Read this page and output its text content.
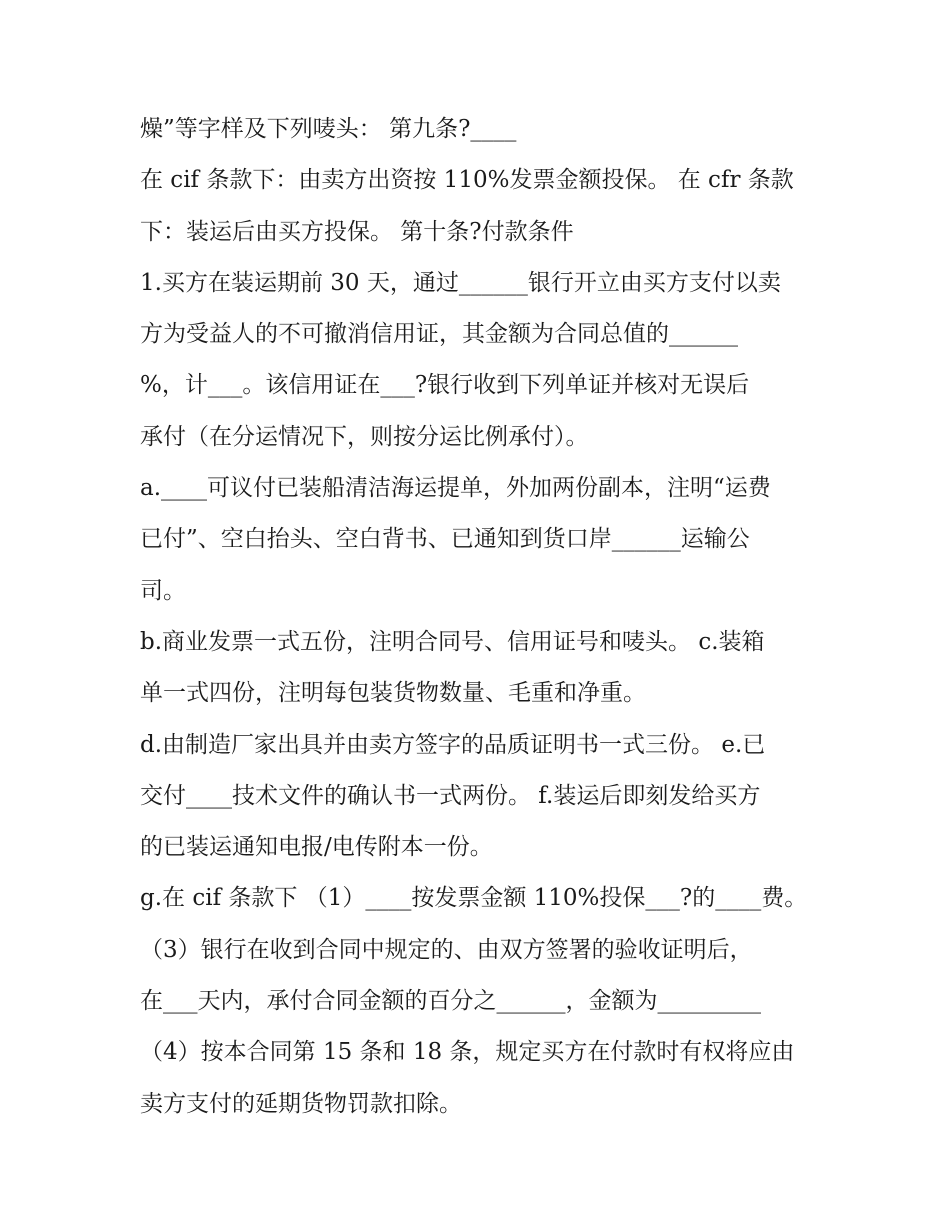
燥”等字样及下列唛头： 第九条?____
在 cif 条款下：由卖方出资按 110%发票金额投保。 在 cfr 条款
下：装运后由买方投保。 第十条?付款条件
1.买方在装运期前 30 天，通过______银行开立由买方支付以卖
方为受益人的不可撤消信用证，其金额为合同总值的______
%，计___。该信用证在___?银行收到下列单证并核对无误后
承付（在分运情况下，则按分运比例承付）。
a.____可议付已装船清洁海运提单，外加两份副本，注明“运费
已付”、空白抬头、空白背书、已通知到货口岸______运输公
司。
b.商业发票一式五份，注明合同号、信用证号和唛头。 c.装箱
单一式四份，注明每包装货物数量、毛重和净重。
d.由制造厂家出具并由卖方签字的品质证明书一式三份。 e.已
交付____技术文件的确认书一式两份。 f.装运后即刻发给买方
的已装运通知电报/电传附本一份。
g.在 cif 条款下 （1）____按发票金额 110%投保___?的____费。
（3）银行在收到合同中规定的、由双方签署的验收证明后，
在___天内，承付合同金额的百分之______，金额为_________
（4）按本合同第 15 条和 18 条，规定买方在付款时有权将应由
卖方支付的延期货物罚款扣除。
